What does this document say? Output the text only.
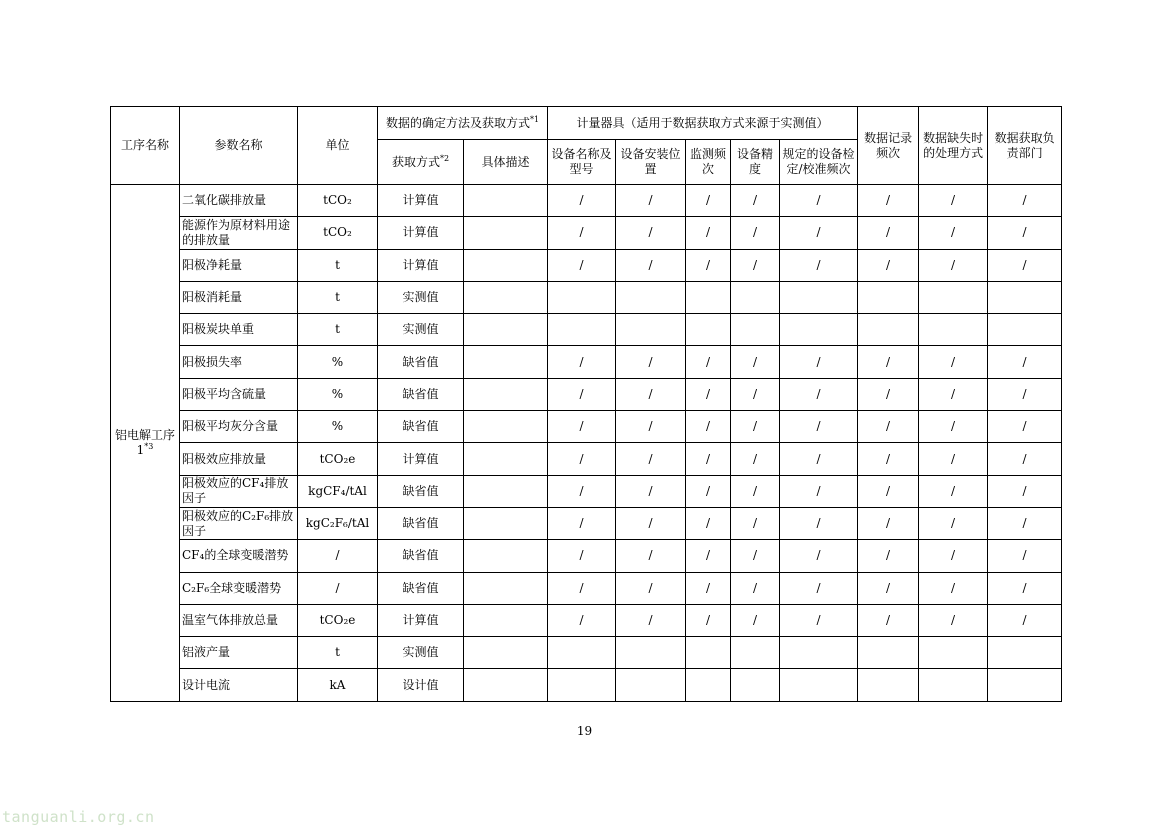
工序名称	参数名称	单位	数据的确定方法及获取方式$^{*1}$		计量器具（适用于数据获取方式来源于实测值）					数据记录频次	数据缺失时的处理方式	数据获取负责部门
			获取方式$^{*2}$	具体描述	设备名称及型号	设备安装位置	监测频次	设备精度	规定的设备检定/校准频次			
铝电解工序1$^{*3}$	二氧化碳排放量	tCO₂	计算值		/	/	/	/	/	/	/	/
	能源作为原材料用途的排放量	tCO₂	计算值		/	/	/	/	/	/	/	/
	阳极净耗量	t	计算值		/	/	/	/	/	/	/	/
	阳极消耗量	t	实测值									
	阳极炭块单重	t	实测值									
	阳极损失率	%	缺省值		/	/	/	/	/	/	/	/
	阳极平均含硫量	%	缺省值		/	/	/	/	/	/	/	/
	阳极平均灰分含量	%	缺省值		/	/	/	/	/	/	/	/
	阳极效应排放量	tCO₂e	计算值		/	/	/	/	/	/	/	/
	阳极效应的CF₄排放因子	kgCF₄/tAl	缺省值		/	/	/	/	/	/	/	/
	阳极效应的C₂F₆排放因子	kgC₂F₆/tAl	缺省值		/	/	/	/	/	/	/	/
	CF₄的全球变暖潜势	/	缺省值		/	/	/	/	/	/	/	/
	C₂F₆全球变暖潜势	/	缺省值		/	/	/	/	/	/	/	/
	温室气体排放总量	tCO₂e	计算值		/	/	/	/	/	/	/	/
	铝液产量	t	实测值									
	设计电流	kA	设计值									
19
tanguanli.org.cn
